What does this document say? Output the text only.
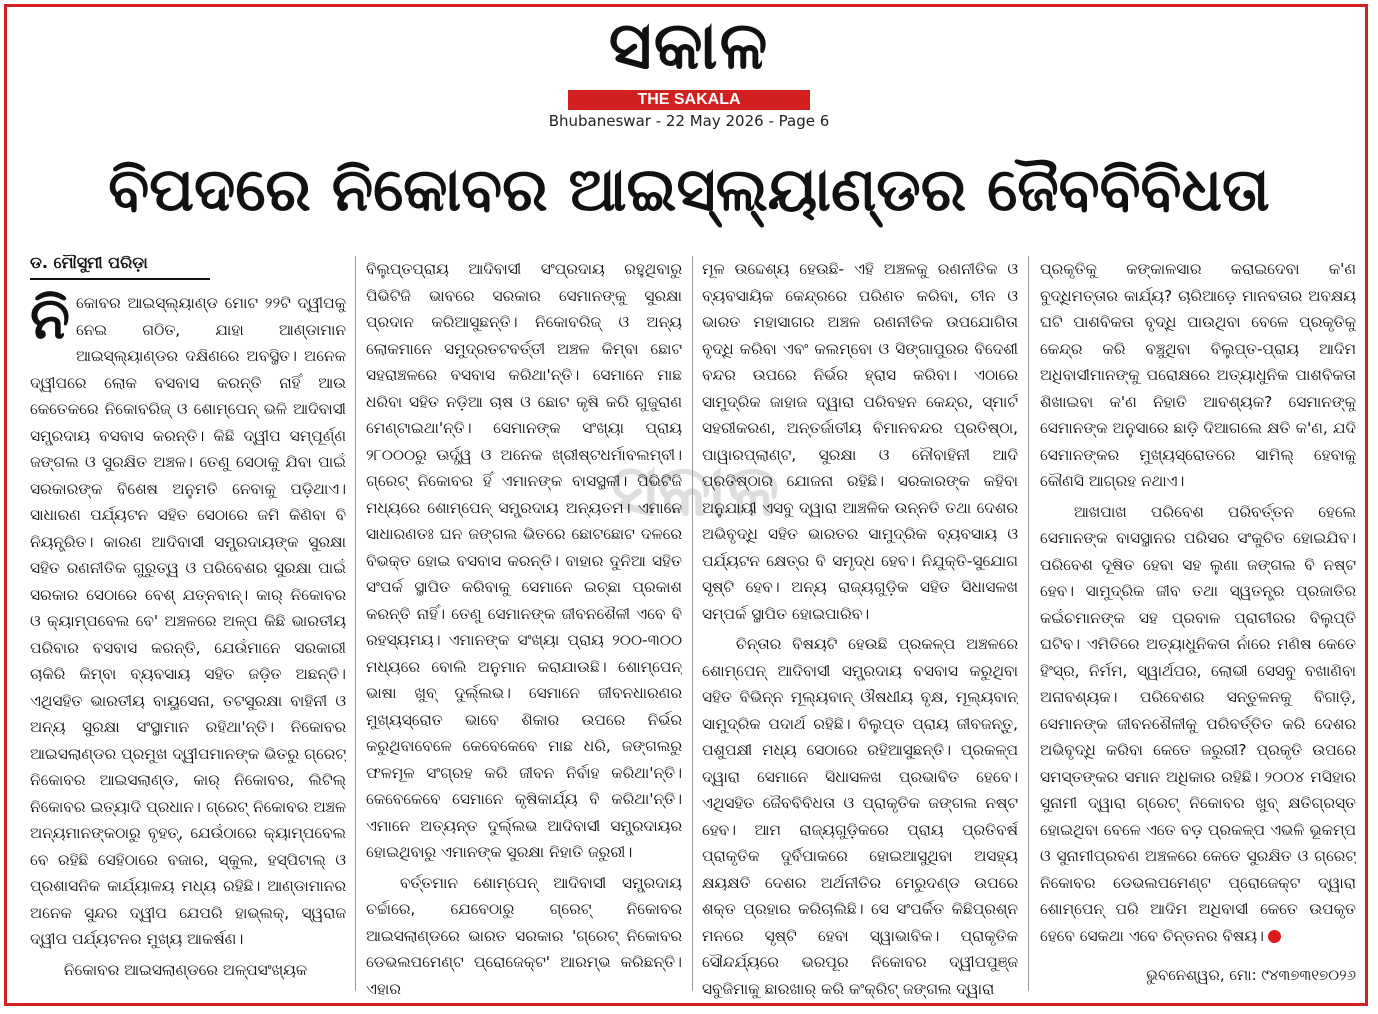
ସକାଳ
THE SAKALA
Bhubaneswar - 22 May 2026 - Page 6
ବିପଦରେ ନିକୋବର ଆଇସ୍‌ଲ୍ୟାଣ୍ଡର ଜୈବବିବିଧତା
ସକାଳ
ଡ. ମୌସୁମୀ ପରିଡ଼ା

ନିକୋବର ଆଇସ୍‌ଲ୍ୟାଣ୍ଡ ମୋଟ ୨୨ଟି ଦ୍ୱୀପକୁ ନେଇ ଗଠିତ, ଯାହା ଆଣ୍ଡାମାନ ଆଇସ୍‌ଲ୍ୟାଣ୍ଡର ଦକ୍ଷିଣରେ ଅବସ୍ଥିତ। ଅନେକ ଦ୍ୱୀପରେ ଲୋକ ବସବାସ କରନ୍ତି ନାହିଁ ଆଉ କେତେକରେ ନିକୋବରିଜ୍ ଓ ଶୋମ୍ପେନ୍ ଭଳି ଆଦିବାସୀ ସମ୍ପ୍ରଦାୟ ବସବାସ କରନ୍ତି। କିଛି ଦ୍ୱୀପ ସମ୍ପୂର୍ଣ୍ଣ ଜଙ୍ଗଲ ଓ ସୁରକ୍ଷିତ ଅଞ୍ଚଳ। ତେଣୁ ସେଠାକୁ ଯିବା ପାଇଁ ସରକାରଙ୍କ ବିଶେଷ ଅନୁମତି ନେବାକୁ ପଡ଼ିଥାଏ। ସାଧାରଣ ପର୍ଯ୍ୟଟନ ସହିତ ସେଠାରେ ଜମି କିଣିବା ବି ନିୟନ୍ତ୍ରିତ। କାରଣ ଆଦିବାସୀ ସମ୍ପ୍ରଦାୟଙ୍କ ସୁରକ୍ଷା ସହିତ ରଣନୀତିକ ଗୁରୁତ୍ୱ ଓ ପରିବେଶର ସୁରକ୍ଷା ପାଇଁ ସରକାର ସେଠାରେ ବେଶ୍ ଯତ୍ନବାନ୍। କାର୍ ନିକୋବର ଓ କ୍ୟାମ୍ପବେଲ ବେ' ଅଞ୍ଚଳରେ ଅଳ୍ପ କିଛି ଭାରତୀୟ ପରିବାର ବସବାସ କରନ୍ତି, ଯେଉଁମାନେ ସରକାରୀ ଚାକିରି କିମ୍ବା ବ୍ୟବସାୟ ସହିତ ଜଡ଼ିତ ଅଛନ୍ତି। ଏଥିସହିତ ଭାରତୀୟ ବାୟୁସେନା, ତଟସୁରକ୍ଷା ବାହିନୀ ଓ ଅନ୍ୟ ସୁରକ୍ଷା ସଂସ୍ଥାମାନ ରହିଥା'ନ୍ତି। ନିକୋବର ଆଇସଲାଣ୍ଡର ପ୍ରମୁଖ ଦ୍ୱୀପମାନଙ୍କ ଭିତରୁ ଗ୍ରେଟ୍ ନିକୋବର ଆଇସଲାଣ୍ଡ, କାର୍ ନିକୋବର, ଲିଟିଲ୍ ନିକୋବର ଇତ୍ୟାଦି ପ୍ରଧାନ। ଗ୍ରେଟ୍ ନିକୋବର ଅଞ୍ଚଳ ଅନ୍ୟମାନଙ୍କଠାରୁ ବୃହତ୍, ଯେଉଁଠାରେ କ୍ୟାମ୍ପବେଲ ବେ ରହିଛି ସେହିଠାରେ ବଜାର, ସ୍କୁଲ, ହସ୍ପିଟାଲ୍ ଓ ପ୍ରଶାସନିକ କାର୍ଯ୍ୟାଳୟ ମଧ୍ୟ ରହିଛି। ଆଣ୍ଡାମାନର ଅନେକ ସୁନ୍ଦର ଦ୍ୱୀପ ଯେପରି ହାଭ୍ଲକ୍, ସ୍ୱରାଜ ଦ୍ୱୀପ ପର୍ଯ୍ୟଟନର ମୁଖ୍ୟ ଆକର୍ଷଣ।

ନିକୋବର ଆଇସଲାଣ୍ଡରେ ଅଳ୍ପସଂଖ୍ୟକ

ବିଲୁପ୍ତପ୍ରାୟ ଆଦିବାସୀ ସଂପ୍ରଦାୟ ରହୁଥିବାରୁ ପିଭିଟିଜି ଭାବରେ ସରକାର ସେମାନଙ୍କୁ ସୁରକ୍ଷା ପ୍ରଦାନ କରିଆସୁଛନ୍ତି। ନିକୋବରିଜ୍ ଓ ଅନ୍ୟ ଲୋକମାନେ ସମୁଦ୍ରତଟବର୍ତ୍ତୀ ଅଞ୍ଚଳ କିମ୍ବା ଛୋଟ ସହରାଞ୍ଚଳରେ ବସବାସ କରିଥା'ନ୍ତି। ସେମାନେ ମାଛ ଧରିବା ସହିତ ନଡ଼ିଆ ଚାଷ ଓ ଛୋଟ କୃଷି କରି ଗୁଜୁରାଣ ମେଣ୍ଟାଇଥା'ନ୍ତି। ସେମାନଙ୍କ ସଂଖ୍ୟା ପ୍ରାୟ ୨୮୦୦୦ରୁ ଊର୍ଦ୍ଧ୍ୱ ଓ ଅନେକ ଖ୍ରୀଷ୍ଟଧର୍ମାବଲମ୍ବୀ। ଗ୍ରେଟ୍ ନିକୋବର ହିଁ ଏମାନଙ୍କ ବାସସ୍ଥଳୀ। ପିଭିଟିଜି ମଧ୍ୟରେ ଶୋମ୍ପେନ୍ ସମ୍ପ୍ରଦାୟ ଅନ୍ୟତମ। ଏମାନେ ସାଧାରଣତଃ ଘନ ଜଙ୍ଗଲ ଭିତରେ ଛୋଟଛୋଟ ଦଳରେ ବିଭକ୍ତ ହୋଇ ବସବାସ କରନ୍ତି। ବାହାର ଦୁନିଆ ସହିତ ସଂପର୍କ ସ୍ଥାପିତ କରିବାକୁ ସେମାନେ ଇଚ୍ଛା ପ୍ରକାଶ କରନ୍ତି ନାହିଁ। ତେଣୁ ସେମାନଙ୍କ ଜୀବନଶୈଳୀ ଏବେ ବି ରହସ୍ୟମୟ। ଏମାନଙ୍କ ସଂଖ୍ୟା ପ୍ରାୟ ୨୦୦-୩୦୦ ମଧ୍ୟରେ ବୋଲି ଅନୁମାନ କରାଯାଉଛି। ଶୋମ୍ପେନ୍ ଭାଷା ଖୁବ୍ ଦୁର୍ଲ୍ଲଭ। ସେମାନେ ଜୀବନଧାରଣର ମୁଖ୍ୟସ୍ରୋତ ଭାବେ ଶିକାର ଉପରେ ନିର୍ଭର କରୁଥିବାବେଳେ କେବେକେବେ ମାଛ ଧରି, ଜଙ୍ଗଲରୁ ଫଳମୂଳ ସଂଗ୍ରହ କରି ଜୀବନ ନିର୍ବାହ କରିଥା'ନ୍ତି। କେବେକେବେ ସେମାନେ କୃଷିକାର୍ଯ୍ୟ ବି କରିଥା'ନ୍ତି। ଏମାନେ ଅତ୍ୟନ୍ତ ଦୁର୍ଲ୍ଲଭ ଆଦିବାସୀ ସମ୍ପ୍ରଦାୟର ହୋଇଥିବାରୁ ଏମାନଙ୍କ ସୁରକ୍ଷା ନିହାତି ଜରୁରୀ।

ବର୍ତ୍ତମାନ ଶୋମ୍ପେନ୍ ଆଦିବାସୀ ସମ୍ପ୍ରଦାୟ ଚର୍ଚ୍ଚାରେ, ଯେବେଠାରୁ ଗ୍ରେଟ୍ ନିକୋବର ଆଇସଲାଣ୍ଡରେ ଭାରତ ସରକାର 'ଗ୍ରେଟ୍ ନିକୋବର ଡେଭଲପମେଣ୍ଟ ପ୍ରୋଜେକ୍ଟ' ଆରମ୍ଭ କରିଛନ୍ତି। ଏହାର

ମୂଳ ଉଦ୍ଦେଶ୍ୟ ହେଉଛି- ଏହି ଅଞ୍ଚଳକୁ ରଣନୀତିକ ଓ ବ୍ୟବସାୟିକ କେନ୍ଦ୍ରରେ ପରିଣତ କରିବା, ଚୀନ ଓ ଭାରତ ମହାସାଗର ଅଞ୍ଚଳ ରଣନୀତିକ ଉପଯୋଗିତା ବୃଦ୍ଧି କରିବା ଏବଂ କଲମ୍ବୋ ଓ ସିଙ୍ଗାପୁରର ବିଦେଶୀ ବନ୍ଦର ଉପରେ ନିର୍ଭର ହ୍ରାସ କରିବା। ଏଠାରେ ସାମୁଦ୍ରିକ ଜାହାଜ ଦ୍ୱାରା ପରିବହନ କେନ୍ଦ୍ର, ସ୍ମାର୍ଟ ସହରୀକରଣ, ଅନ୍ତର୍ଜାତୀୟ ବିମାନବନ୍ଦର ପ୍ରତିଷ୍ଠା, ପାୱାରପ୍ଲାଣ୍ଟ, ସୁରକ୍ଷା ଓ ନୌବାହିନୀ ଆଦି ପ୍ରତିଷ୍ଠାର ଯୋଜନା ରହିଛି। ସରକାରଙ୍କ କହିବା ଅନୁଯାୟୀ ଏସବୁ ଦ୍ୱାରା ଆଞ୍ଚଳିକ ଉନ୍ନତି ତଥା ଦେଶର ଅଭିବୃଦ୍ଧି ସହିତ ଭାରତର ସାମୁଦ୍ରିକ ବ୍ୟବସାୟ ଓ ପର୍ଯ୍ୟଟନ କ୍ଷେତ୍ର ବି ସମୃଦ୍ଧ ହେବ। ନିଯୁକ୍ତି-ସୁଯୋଗ ସୃଷ୍ଟି ହେବ। ଅନ୍ୟ ରାଜ୍ୟଗୁଡ଼ିକ ସହିତ ସିଧାସଳଖ ସମ୍ପର୍କ ସ୍ଥାପିତ ହୋଇପାରିବ।

ଚିନ୍ତାର ବିଷୟଟି ହେଉଛି ପ୍ରକଳ୍ପ ଅଞ୍ଚଳରେ ଶୋମ୍ପେନ୍ ଆଦିବାସୀ ସମ୍ପ୍ରଦାୟ ବସବାସ କରୁଥିବା ସହିତ ବିଭିନ୍ନ ମୂଲ୍ୟବାନ୍ ଔଷଧୀୟ ବୃକ୍ଷ, ମୂଲ୍ୟବାନ୍ ସାମୁଦ୍ରିକ ପଦାର୍ଥ ରହିଛି। ବିଲୁପ୍ତ ପ୍ରାୟ ଜୀବଜନ୍ତୁ, ପଶୁପକ୍ଷୀ ମଧ୍ୟ ସେଠାରେ ରହିଆସୁଛନ୍ତି। ପ୍ରକଳ୍ପ ଦ୍ୱାରା ସେମାନେ ସିଧାସଳଖ ପ୍ରଭାବିତ ହେବେ। ଏଥିସହିତ ଜୈବବିବିଧତା ଓ ପ୍ରାକୃତିକ ଜଙ୍ଗଲ ନଷ୍ଟ ହେବ। ଆମ ରାଜ୍ୟଗୁଡ଼ିକରେ ପ୍ରାୟ ପ୍ରତିବର୍ଷ ପ୍ରାକୃତିକ ଦୁର୍ବିପାକରେ ହୋଇଆସୁଥିବା ଅସହ୍ୟ କ୍ଷୟକ୍ଷତି ଦେଶର ଅର୍ଥନୀତିର ମେରୁଦଣ୍ଡ ଉପରେ ଶକ୍ତ ପ୍ରହାର କରିଚାଲିଛି। ସେ ସଂପର୍କିତ କିଛିପ୍ରଶ୍ନ ମନରେ ସୃଷ୍ଟି ହେବା ସ୍ୱାଭାବିକ। ପ୍ରାକୃତିକ ସୌନ୍ଦର୍ଯ୍ୟରେ ଭରପୂର ନିକୋବର ଦ୍ୱୀପପୁଞ୍ଜ ସବୁଜିମାକୁ ଛାରଖାର୍ କରି କଂକ୍ରିଟ୍ ଜଙ୍ଗଲ ଦ୍ୱାରା

ପ୍ରକୃତିକୁ କଙ୍କାଳସାର କରାଇଦେବା କ'ଣ ବୁଦ୍ଧିମତ୍ତାର କାର୍ଯ୍ୟ? ଚାରିଆଡ଼େ ମାନବତାର ଅବକ୍ଷୟ ଘଟି ପାଶବିକତା ବୃଦ୍ଧି ପାଉଥିବା ବେଳେ ପ୍ରକୃତିକୁ କେନ୍ଦ୍ର କରି ବଞ୍ଚୁଥିବା ବିଲୁପ୍ତ-ପ୍ରାୟ ଆଦିମ ଅଧିବାସୀମାନଙ୍କୁ ପରୋକ୍ଷରେ ଅତ୍ୟାଧୁନିକ ପାଶବିକତା ଶିଖାଇବା କ'ଣ ନିହାତି ଆବଶ୍ୟକ? ସେମାନଙ୍କୁ ସେମାନଙ୍କ ଅନୁସାରେ ଛାଡ଼ି ଦିଆଗଲେ କ୍ଷତି କ'ଣ, ଯଦି ସେମାନଙ୍କର ମୁଖ୍ୟସ୍ରୋତରେ ସାମିଲ୍ ହେବାକୁ କୌଣସି ଆଗ୍ରହ ନଥାଏ।

ଆଖପାଖ ପରିବେଶ ପରିବର୍ତ୍ତନ ହେଲେ ସେମାନଙ୍କ ବାସସ୍ଥାନର ପରିସର ସଂକୁଚିତ ହୋଇଯିବ। ପରିବେଶ ଦୂଷିତ ହେବା ସହ ଲୁଣା ଜଙ୍ଗଲ ବି ନଷ୍ଟ ହେବ। ସାମୁଦ୍ରିକ ଜୀବ ତଥା ସ୍ୱତନ୍ତ୍ର ପ୍ରଜାତିର କଇଁଚମାନଙ୍କ ସହ ପ୍ରବାଳ ପ୍ରାଚୀରର ବିଲୁପ୍ତି ଘଟିବ। ଏମିତିରେ ଅତ୍ୟାଧୁନିକତା ନାଁରେ ମଣିଷ କେତେ ହିଂସ୍ର, ନିର୍ମମ, ସ୍ୱାର୍ଥପର, ଲୋଭୀ ସେସବୁ ବଖାଣିବା ଅନାବଶ୍ୟକ। ପରିବେଶର ସନ୍ତୁଳନକୁ ବିଗାଡ଼ି, ସେମାନଙ୍କ ଜୀବନଶୈଳୀକୁ ପରିବର୍ତ୍ତିତ କରି ଦେଶର ଅଭିବୃଦ୍ଧି କରିବା କେତେ ଜରୁରୀ? ପ୍ରକୃତି ଉପରେ ସମସ୍ତଙ୍କର ସମାନ ଅଧିକାର ରହିଛି। ୨୦୦୪ ମସିହାର ସୁନାମୀ ଦ୍ୱାରା ଗ୍ରେଟ୍ ନିକୋବର ଖୁବ୍ କ୍ଷତିଗ୍ରସ୍ତ ହୋଇଥିବା ବେଳେ ଏତେ ବଡ଼ ପ୍ରକଳ୍ପ ଏଭଳି ଭୂକମ୍ପ ଓ ସୁନାମୀପ୍ରବଣ ଅଞ୍ଚଳରେ କେତେ ସୁରକ୍ଷିତ ଓ ଗ୍ରେଟ୍ ନିକୋବର ଡେଭଲପମେଣ୍ଟ ପ୍ରୋଜେକ୍ଟ ଦ୍ୱାରା ଶୋମ୍ପେନ୍ ପରି ଆଦିମ ଅଧିବାସୀ କେତେ ଉପକୃତ ହେବେ ସେକଥା ଏବେ ଚିନ୍ତନର ବିଷୟ।

ଭୁବନେଶ୍ୱର, ମୋ: ୯୪୩୭୩୧୭୦୨୬
